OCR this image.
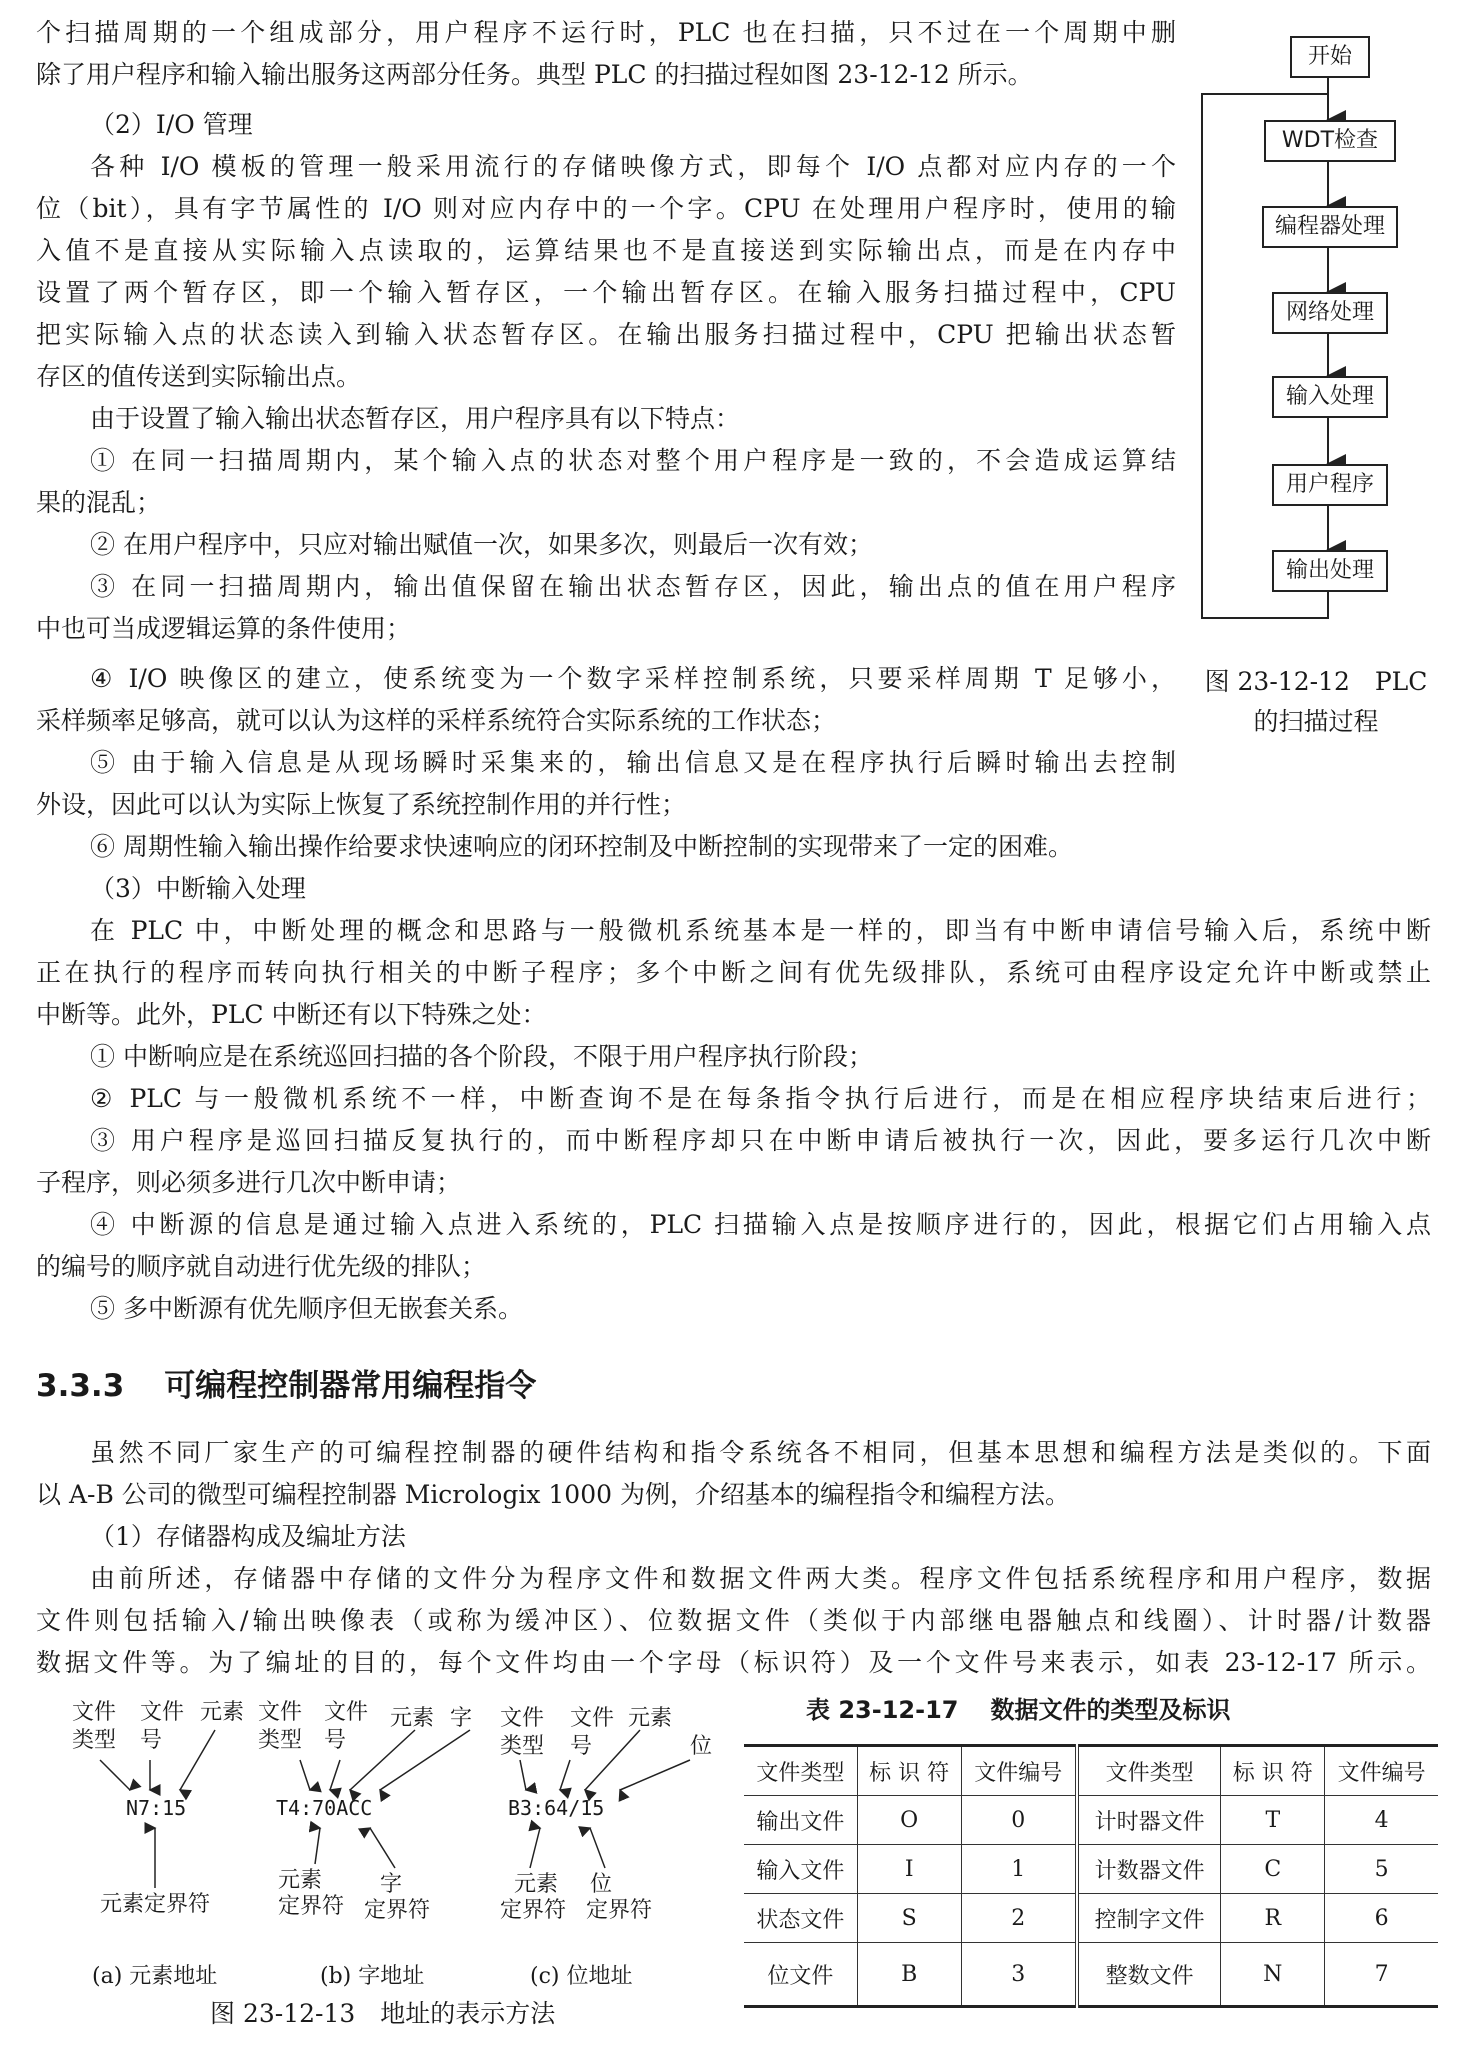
个扫描周期的一个组成部分，用户程序不运行时，PLC 也在扫描，只不过在一个周期中删
除了用户程序和输入输出服务这两部分任务。典型 PLC 的扫描过程如图 23-12-12 所示。
（2）I/O 管理
各种 I/O 模板的管理一般采用流行的存储映像方式，即每个 I/O 点都对应内存的一个
位（bit），具有字节属性的 I/O 则对应内存中的一个字。CPU 在处理用户程序时，使用的输
入值不是直接从实际输入点读取的，运算结果也不是直接送到实际输出点，而是在内存中
设置了两个暂存区，即一个输入暂存区，一个输出暂存区。在输入服务扫描过程中，CPU
把实际输入点的状态读入到输入状态暂存区。在输出服务扫描过程中，CPU 把输出状态暂
存区的值传送到实际输出点。
由于设置了输入输出状态暂存区，用户程序具有以下特点：
① 在同一扫描周期内，某个输入点的状态对整个用户程序是一致的，不会造成运算结
果的混乱；
② 在用户程序中，只应对输出赋值一次，如果多次，则最后一次有效；
③ 在同一扫描周期内，输出值保留在输出状态暂存区，因此，输出点的值在用户程序
中也可当成逻辑运算的条件使用；
④ I/O 映像区的建立，使系统变为一个数字采样控制系统，只要采样周期 T 足够小，
采样频率足够高，就可以认为这样的采样系统符合实际系统的工作状态；
⑤ 由于输入信息是从现场瞬时采集来的，输出信息又是在程序执行后瞬时输出去控制
外设，因此可以认为实际上恢复了系统控制作用的并行性；
⑥ 周期性输入输出操作给要求快速响应的闭环控制及中断控制的实现带来了一定的困难。
（3）中断输入处理
在 PLC 中，中断处理的概念和思路与一般微机系统基本是一样的，即当有中断申请信号输入后，系统中断
正在执行的程序而转向执行相关的中断子程序；多个中断之间有优先级排队，系统可由程序设定允许中断或禁止
中断等。此外，PLC 中断还有以下特殊之处：
① 中断响应是在系统巡回扫描的各个阶段，不限于用户程序执行阶段；
② PLC 与一般微机系统不一样，中断查询不是在每条指令执行后进行，而是在相应程序块结束后进行；
③ 用户程序是巡回扫描反复执行的，而中断程序却只在中断申请后被执行一次，因此，要多运行几次中断
子程序，则必须多进行几次中断申请；
④ 中断源的信息是通过输入点进入系统的，PLC 扫描输入点是按顺序进行的，因此，根据它们占用输入点
的编号的顺序就自动进行优先级的排队；
⑤ 多中断源有优先顺序但无嵌套关系。
3.3.3 可编程控制器常用编程指令
虽然不同厂家生产的可编程控制器的硬件结构和指令系统各不相同，但基本思想和编程方法是类似的。下面
以 A-B 公司的微型可编程控制器 Micrologix 1000 为例，介绍基本的编程指令和编程方法。
（1）存储器构成及编址方法
由前所述，存储器中存储的文件分为程序文件和数据文件两大类。程序文件包括系统程序和用户程序，数据
文件则包括输入/输出映像表（或称为缓冲区）、位数据文件（类似于内部继电器触点和线圈）、计时器/计数器
数据文件等。为了编址的目的，每个文件均由一个字母（标识符）及一个文件号来表示，如表 23-12-17 所示。
开始
WDT检查
编程器处理
网络处理
输入处理
用户程序
输出处理
图 23-12-12　PLC
的扫描过程
文件
类型
文件
号
元素
N7:15
元素定界符
(a) 元素地址
文件
类型
文件
号
元素 字
T4:70ACC
元素
定界符
字
定界符
(b) 字地址
文件
类型
文件
号
元素
位
B3:64/15
元素
定界符
位
定界符
(c) 位地址
图 23-12-13　地址的表示方法
表 23-12-17 数据文件的类型及标识
文件类型	标 识 符	文件编号	文件类型	标 识 符	文件编号
输出文件	O	0	计时器文件	T	4
输入文件	I	1	计数器文件	C	5
状态文件	S	2	控制字文件	R	6
位文件	B	3	整数文件	N	7
